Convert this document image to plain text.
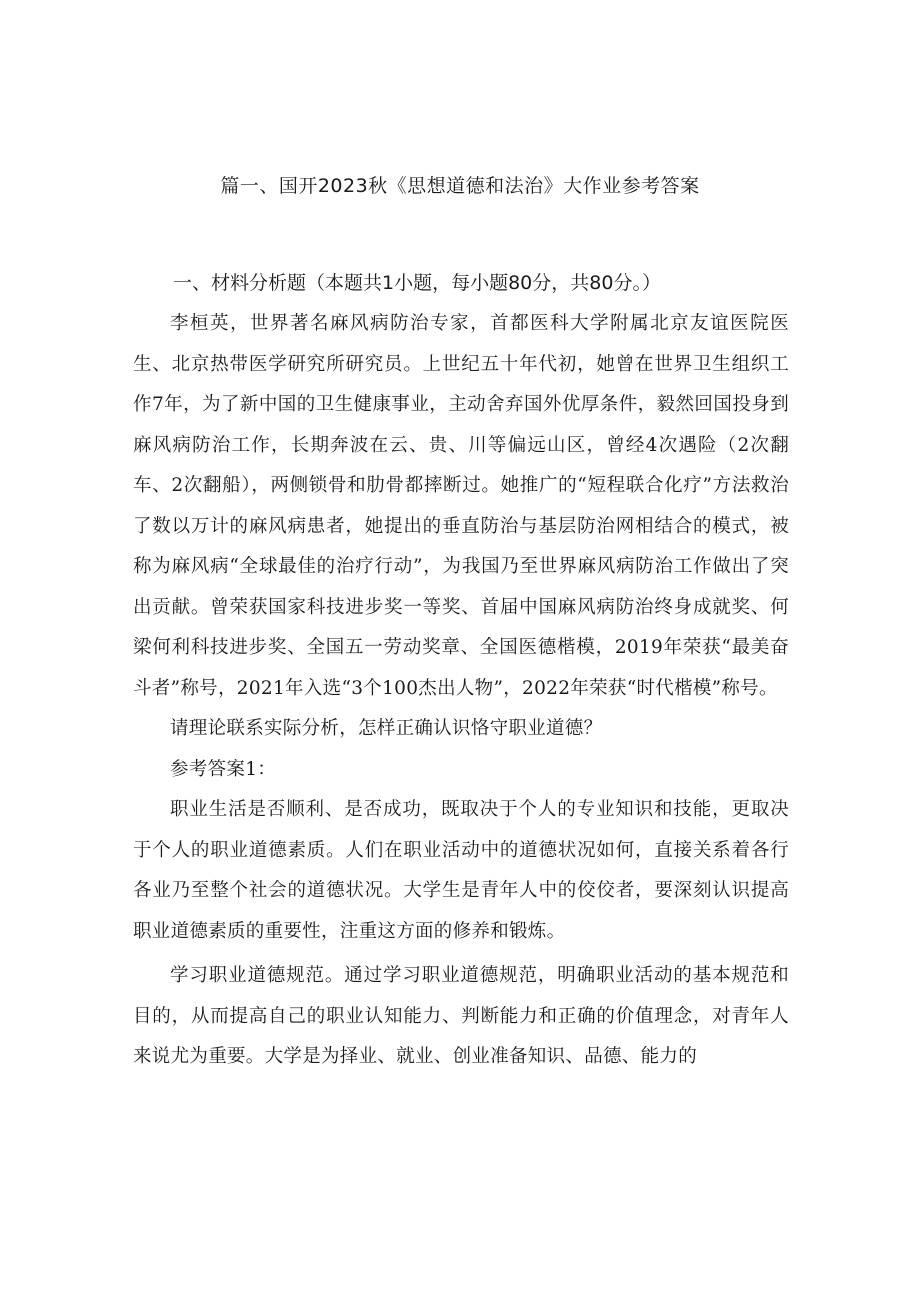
篇一、国开2023秋《思想道德和法治》大作业参考答案
一、材料分析题（本题共1小题，每小题80分，共80分。）

李桓英，世界著名麻风病防治专家，首都医科大学附属北京友谊医院医生、北京热带医学研究所研究员。上世纪五十年代初，她曾在世界卫生组织工作7年，为了新中国的卫生健康事业，主动舍弃国外优厚条件，毅然回国投身到麻风病防治工作，长期奔波在云、贵、川等偏远山区，曾经4次遇险（2次翻车、2次翻船），两侧锁骨和肋骨都摔断过。她推广的“短程联合化疗”方法救治了数以万计的麻风病患者，她提出的垂直防治与基层防治网相结合的模式，被称为麻风病“全球最佳的治疗行动”，为我国乃至世界麻风病防治工作做出了突出贡献。曾荣获国家科技进步奖一等奖、首届中国麻风病防治终身成就奖、何梁何利科技进步奖、全国五一劳动奖章、全国医德楷模，2019年荣获“最美奋斗者”称号，2021年入选“3个100杰出人物”，2022年荣获“时代楷模”称号。

请理论联系实际分析，怎样正确认识恪守职业道德？

参考答案1：

职业生活是否顺利、是否成功，既取决于个人的专业知识和技能，更取决于个人的职业道德素质。人们在职业活动中的道德状况如何，直接关系着各行各业乃至整个社会的道德状况。大学生是青年人中的佼佼者，要深刻认识提高职业道德素质的重要性，注重这方面的修养和锻炼。

学习职业道德规范。通过学习职业道德规范，明确职业活动的基本规范和目的，从而提高自己的职业认知能力、判断能力和正确的价值理念，对青年人来说尤为重要。大学是为择业、就业、创业准备知识、品德、能力的
